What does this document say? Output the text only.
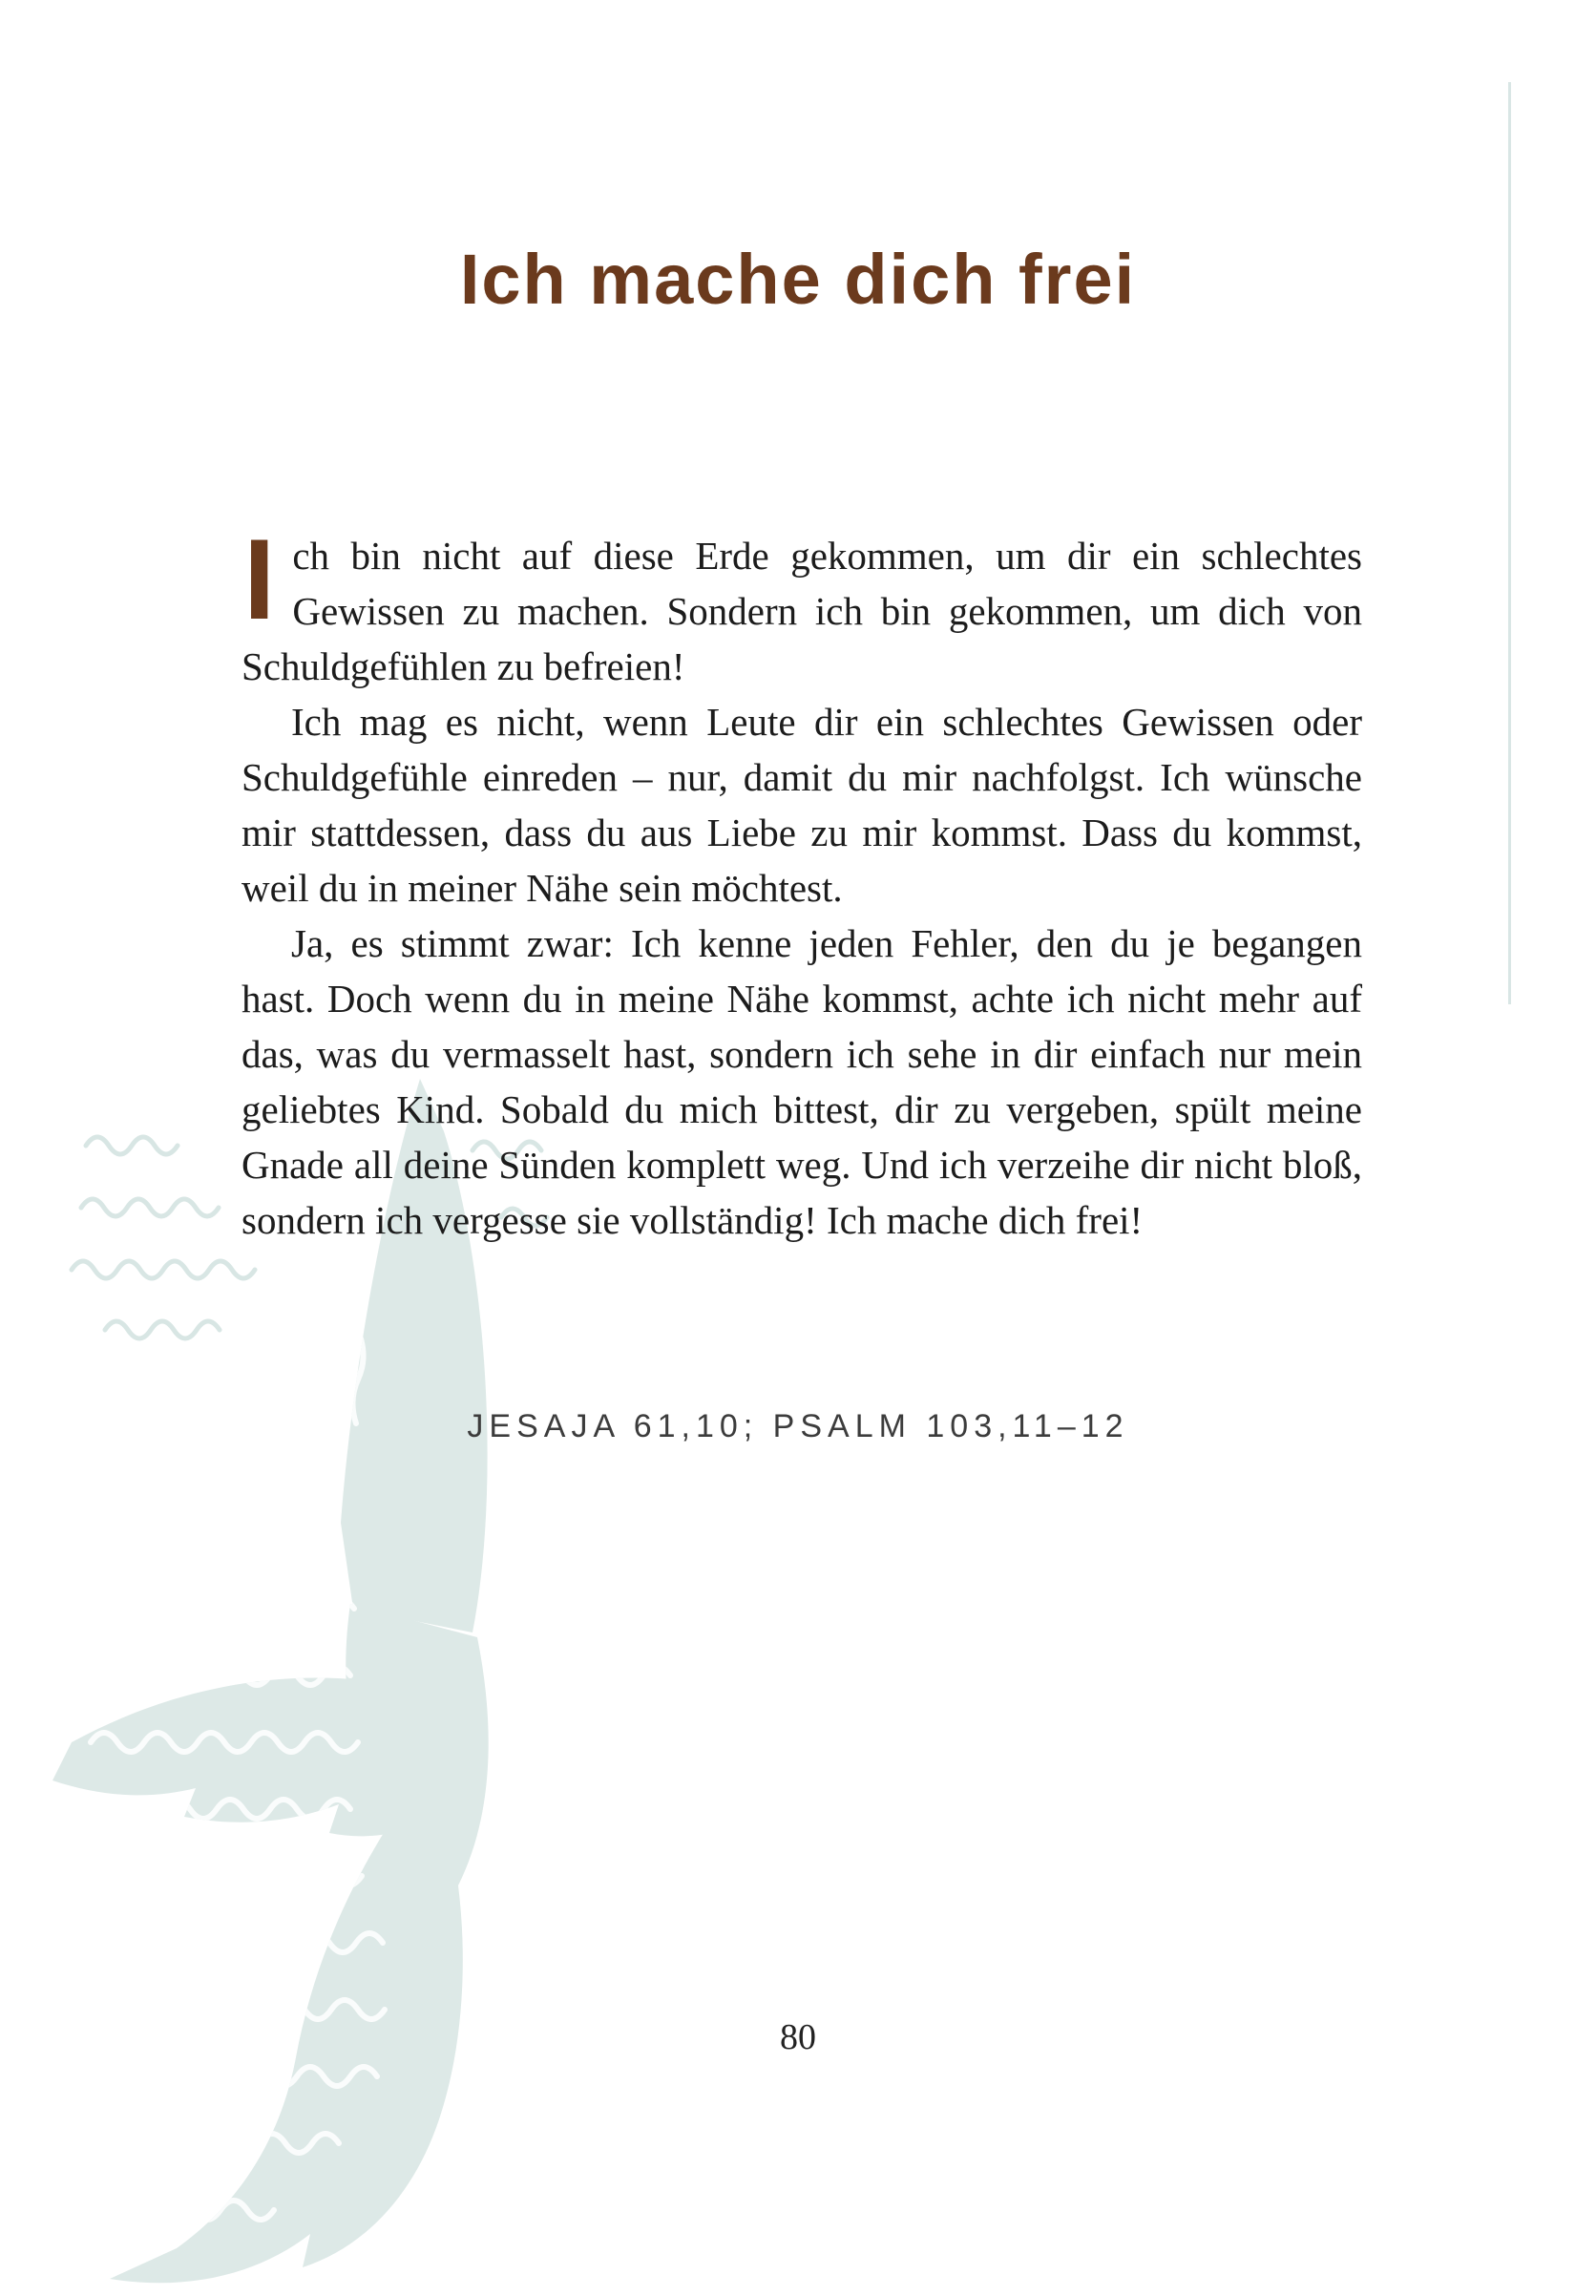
Ich mache dich frei

I ch bin nicht auf diese Erde gekommen, um dir ein schlechtes Gewissen zu machen. Sondern ich bin gekommen, um dich von Schuldgefühlen zu befreien!

Ich mag es nicht, wenn Leute dir ein schlechtes Gewissen oder Schuldgefühle einreden – nur, damit du mir nachfolgst. Ich wünsche mir stattdessen, dass du aus Liebe zu mir kommst. Dass du kommst, weil du in meiner Nähe sein möchtest.

Ja, es stimmt zwar: Ich kenne jeden Fehler, den du je begangen hast. Doch wenn du in meine Nähe kommst, achte ich nicht mehr auf das, was du vermasselt hast, sondern ich sehe in dir einfach nur mein geliebtes Kind. Sobald du mich bittest, dir zu vergeben, spült meine Gnade all deine Sünden komplett weg. Und ich verzeihe dir nicht bloß, sondern ich vergesse sie vollständig! Ich mache dich frei!

JESAJA 61,10; PSALM 103,11–12
80
